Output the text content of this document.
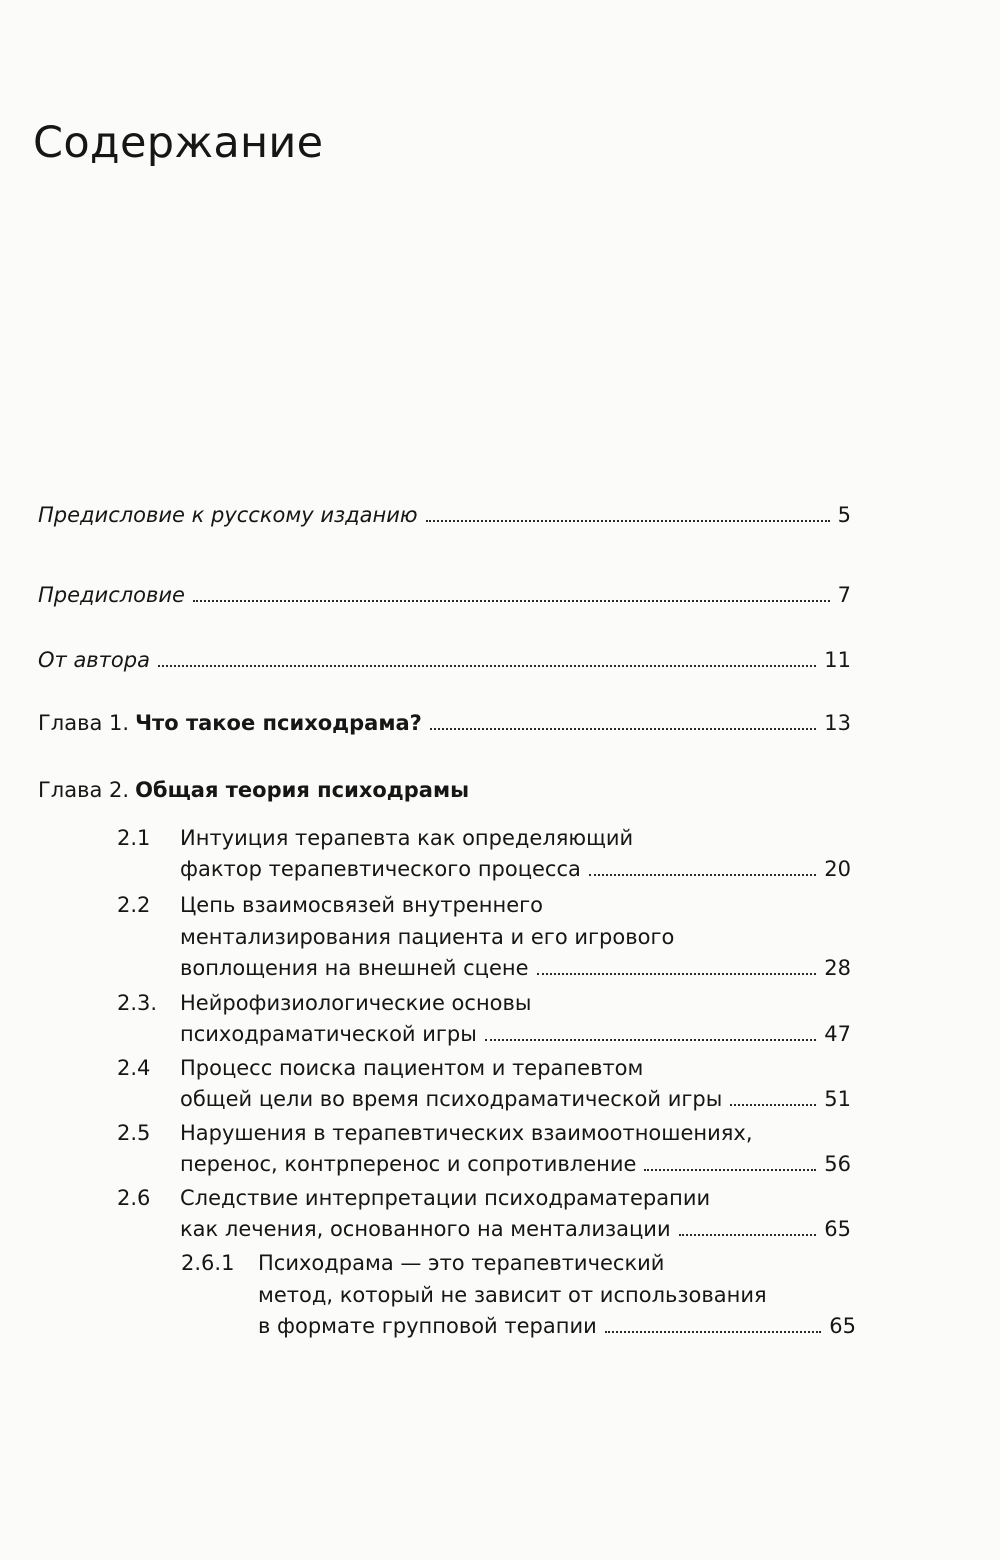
Содержание
Предисловие к русскому изданию	5
Предисловие	7
От автора	11
Глава 1. Что такое психодрама?	13
Глава 2. Общая теория психодрамы
2.1 Интуиция терапевта как определяющий
фактор терапевтического процесса	20
2.2 Цепь взаимосвязей внутреннего
ментализирования пациента и его игрового
воплощения на внешней сцене	28
2.3. Нейрофизиологические основы
психодраматической игры	47
2.4 Процесс поиска пациентом и терапевтом
общей цели во время психодраматической игры	51
2.5 Нарушения в терапевтических взаимоотношениях,
перенос, контрперенос и сопротивление	56
2.6 Следствие интерпретации психодраматерапии
как лечения, основанного на ментализации	65
2.6.1 Психодрама — это терапевтический
метод, который не зависит от использования
в формате групповой терапии	65
